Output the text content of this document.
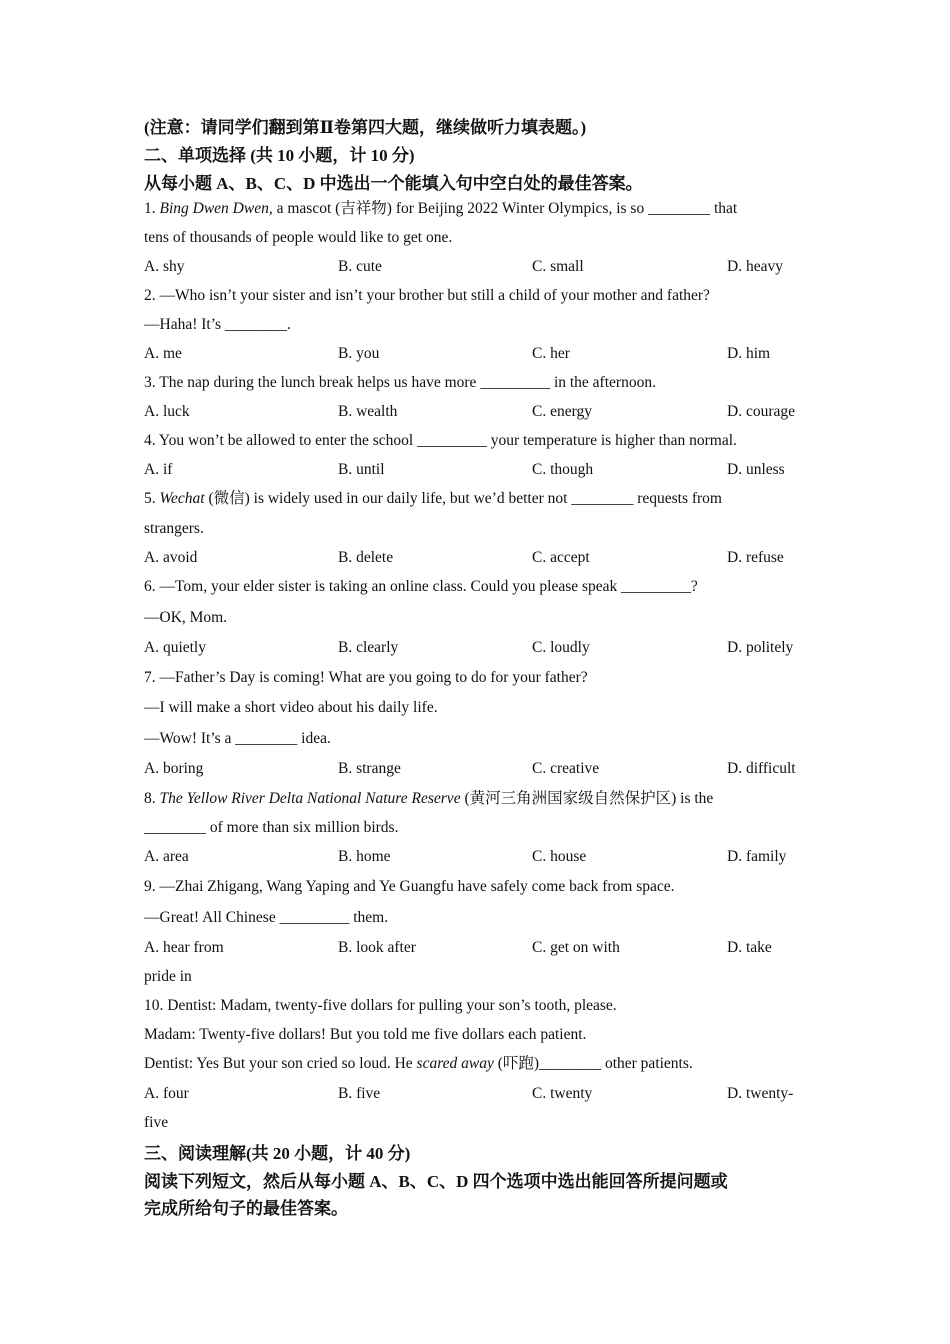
(注意：请同学们翻到第Ⅱ卷第四大题，继续做听力填表题。)
二、单项选择 (共 10 小题，计 10 分)
从每小题 A、B、C、D 中选出一个能填入句中空白处的最佳答案。
1. Bing Dwen Dwen, a mascot (吉祥物) for Beijing 2022 Winter Olympics, is so ________ that
tens of thousands of people would like to get one.
A. shy	B. cute	C. small	D. heavy
2. —Who isn’t your sister and isn’t your brother but still a child of your mother and father?
—Haha! It’s ________.
A. me	B. you	C. her	D. him
3. The nap during the lunch break helps us have more _________ in the afternoon.
A. luck	B. wealth	C. energy	D. courage
4. You won’t be allowed to enter the school _________ your temperature is higher than normal.
A. if	B. until	C. though	D. unless
5. Wechat (微信) is widely used in our daily life, but we’d better not ________ requests from
strangers.
A. avoid	B. delete	C. accept	D. refuse
6. —Tom, your elder sister is taking an online class. Could you please speak _________?
—OK, Mom.
A. quietly	B. clearly	C. loudly	D. politely
7. —Father’s Day is coming! What are you going to do for your father?
—I will make a short video about his daily life.
—Wow! It’s a ________ idea.
A. boring	B. strange	C. creative	D. difficult
8. The Yellow River Delta National Nature Reserve (黄河三角洲国家级自然保护区) is the
________ of more than six million birds.
A. area	B. home	C. house	D. family
9. —Zhai Zhigang, Wang Yaping and Ye Guangfu have safely come back from space.
—Great! All Chinese _________ them.
A. hear from	B. look after	C. get on with	D. take
pride in
10. Dentist: Madam, twenty-five dollars for pulling your son’s tooth, please.
Madam: Twenty-five dollars! But you told me five dollars each patient.
Dentist: Yes But your son cried so loud. He scared away (吓跑)________ other patients.
A. four	B. five	C. twenty	D. twenty-
five
三、阅读理解(共 20 小题，计 40 分)
阅读下列短文，然后从每小题 A、B、C、D 四个选项中选出能回答所提问题或
完成所给句子的最佳答案。
